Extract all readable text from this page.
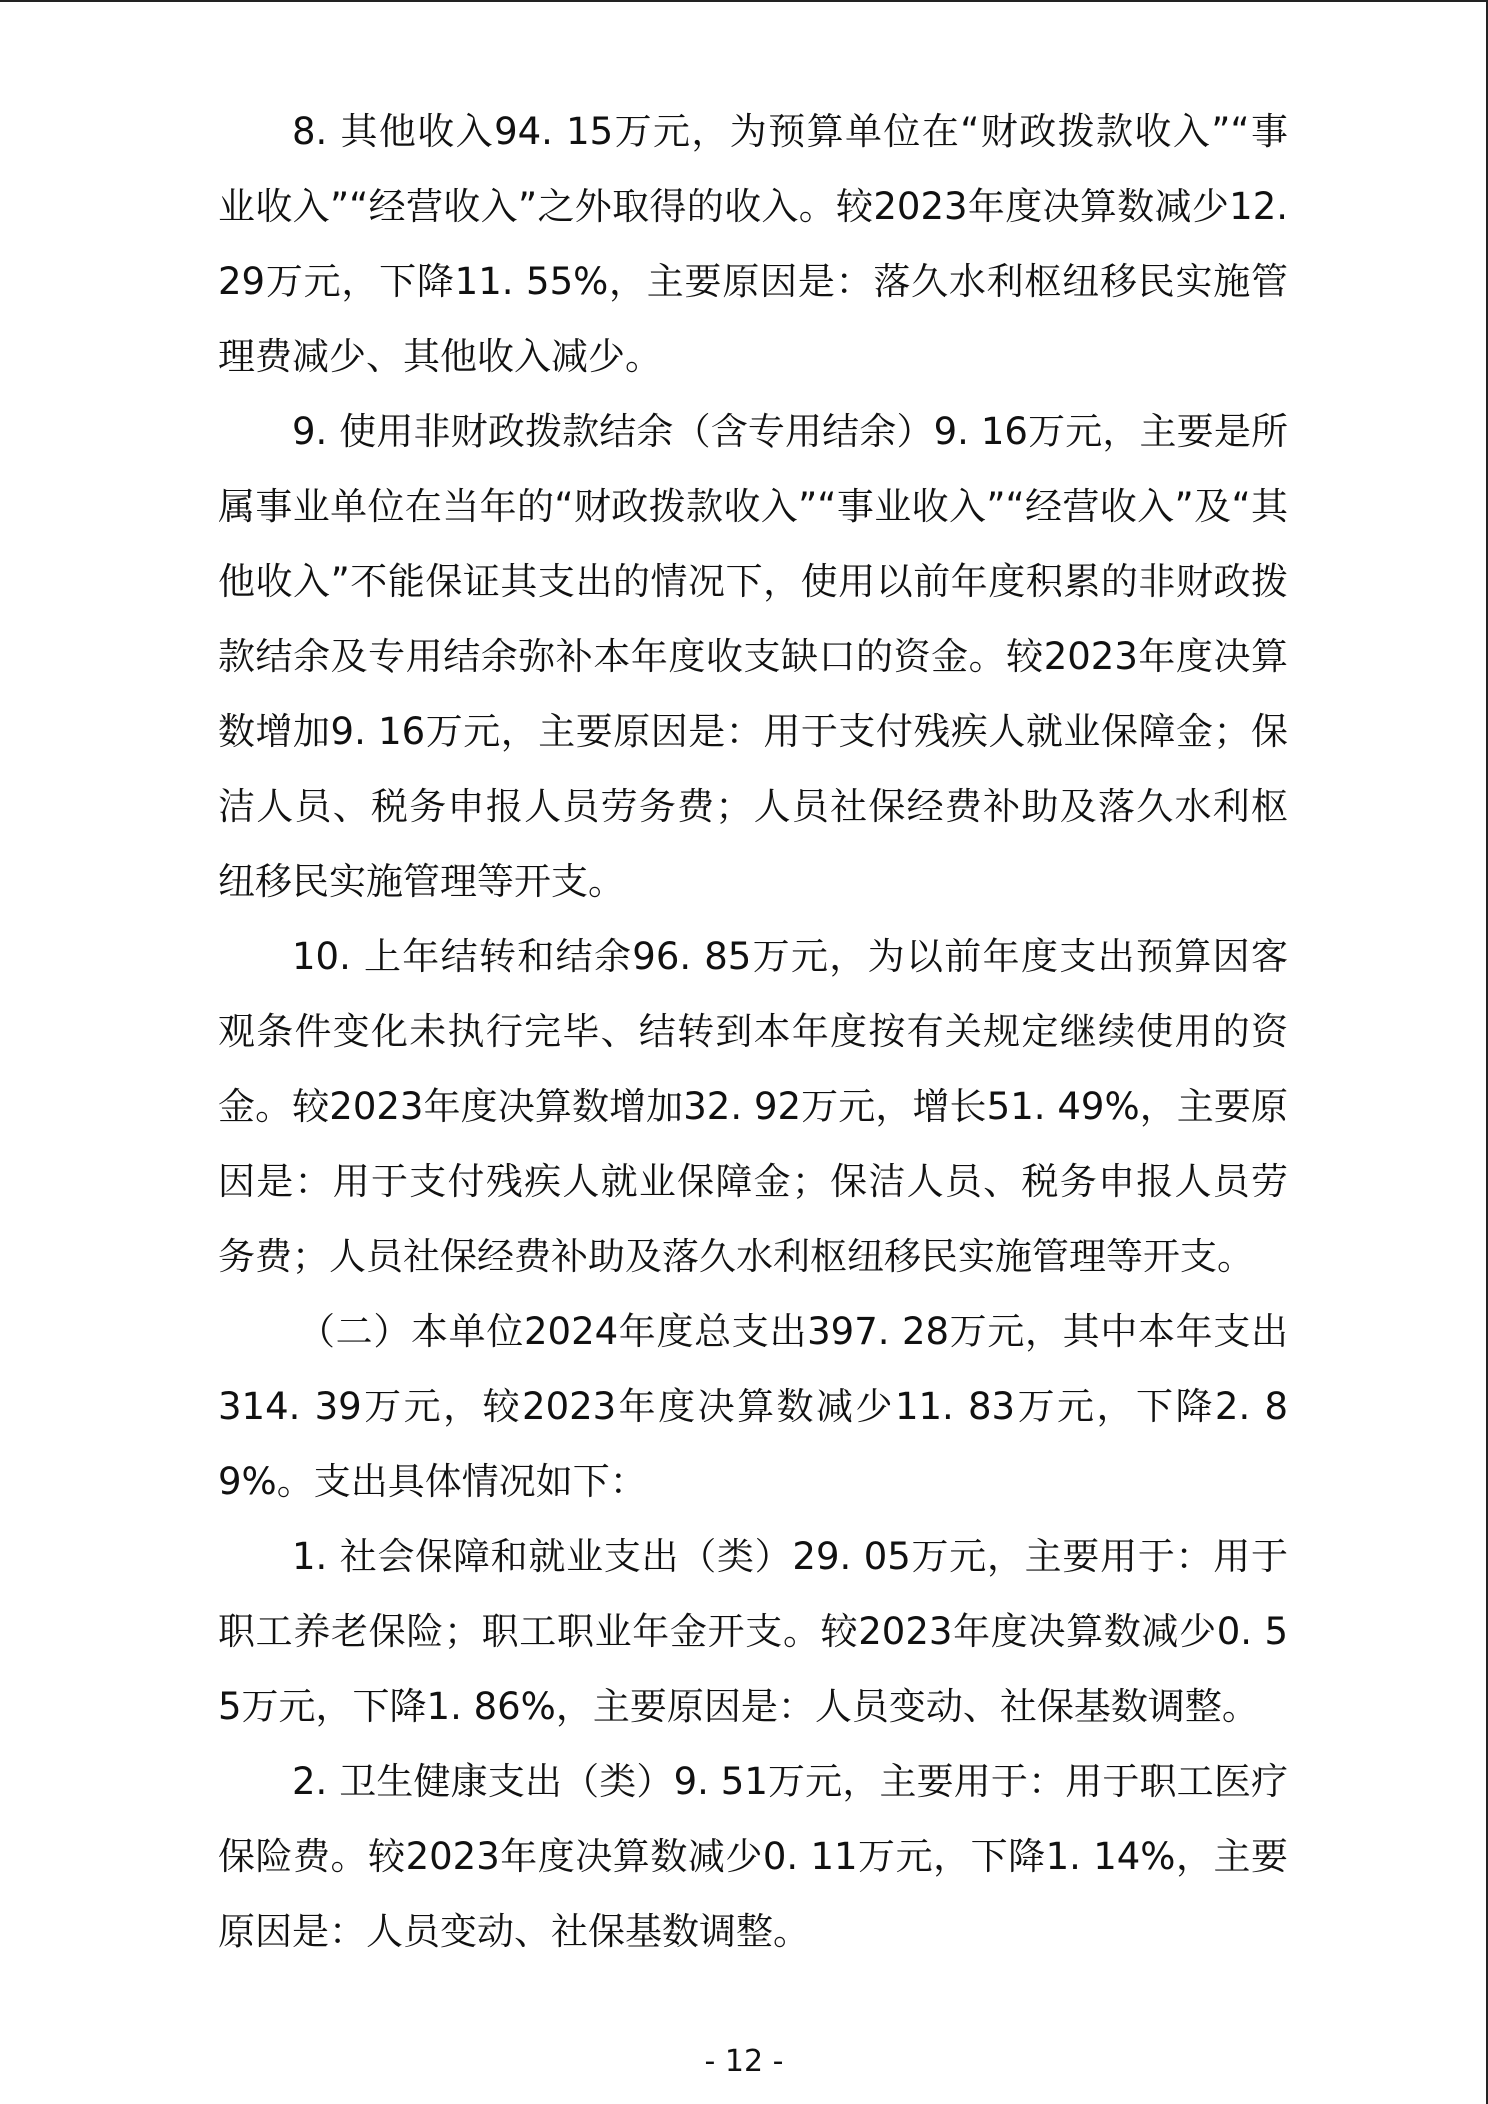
8. 其他收入94. 15万元，为预算单位在“财政拨款收入”“事业收入”“经营收入”之外取得的收入。较2023年度决算数减少12. 29万元，下降11. 55%，主要原因是：落久水利枢纽移民实施管理费减少、其他收入减少。

9. 使用非财政拨款结余（含专用结余）9. 16万元，主要是所属事业单位在当年的“财政拨款收入”“事业收入”“经营收入”及“其他收入”不能保证其支出的情况下，使用以前年度积累的非财政拨款结余及专用结余弥补本年度收支缺口的资金。较2023年度决算数增加9. 16万元，主要原因是：用于支付残疾人就业保障金；保洁人员、税务申报人员劳务费；人员社保经费补助及落久水利枢纽移民实施管理等开支。

10. 上年结转和结余96. 85万元，为以前年度支出预算因客观条件变化未执行完毕、结转到本年度按有关规定继续使用的资金。较2023年度决算数增加32. 92万元，增长51. 49%，主要原因是：用于支付残疾人就业保障金；保洁人员、税务申报人员劳务费；人员社保经费补助及落久水利枢纽移民实施管理等开支。

（二）本单位2024年度总支出397. 28万元，其中本年支出314. 39万元，较2023年度决算数减少11. 83万元，下降2. 89%。支出具体情况如下：

1. 社会保障和就业支出（类）29. 05万元，主要用于：用于职工养老保险；职工职业年金开支。较2023年度决算数减少0. 55万元，下降1. 86%，主要原因是：人员变动、社保基数调整。

2. 卫生健康支出（类）9. 51万元，主要用于：用于职工医疗保险费。较2023年度决算数减少0. 11万元，下降1. 14%，主要原因是：人员变动、社保基数调整。

- 12 -
